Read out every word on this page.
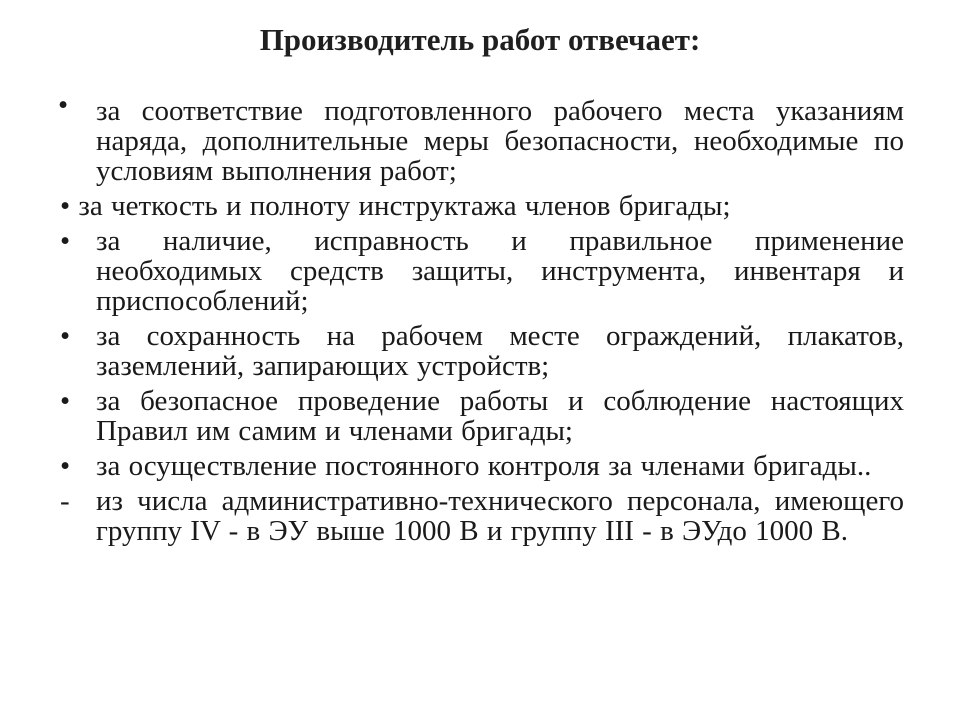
Производитель работ отвечает:
• за соответствие подготовленного рабочего места указаниям наряда, дополнительные меры безопасности, необходимые по условиям выполнения работ;
• за четкость и полноту инструктажа членов бригады;
• за наличие, исправность и правильное применение необходимых средств защиты, инструмента, инвентаря и приспособлений;
• за сохранность на рабочем месте ограждений, плакатов, заземлений, запирающих устройств;
• за безопасное проведение работы и соблюдение настоящих Правил им самим и членами бригады;
• за осуществление постоянного контроля за членами бригады..
- из числа административно-технического персонала, имеющего группу IV - в ЭУ выше 1000 В и группу III - в ЭУдо 1000 В.
